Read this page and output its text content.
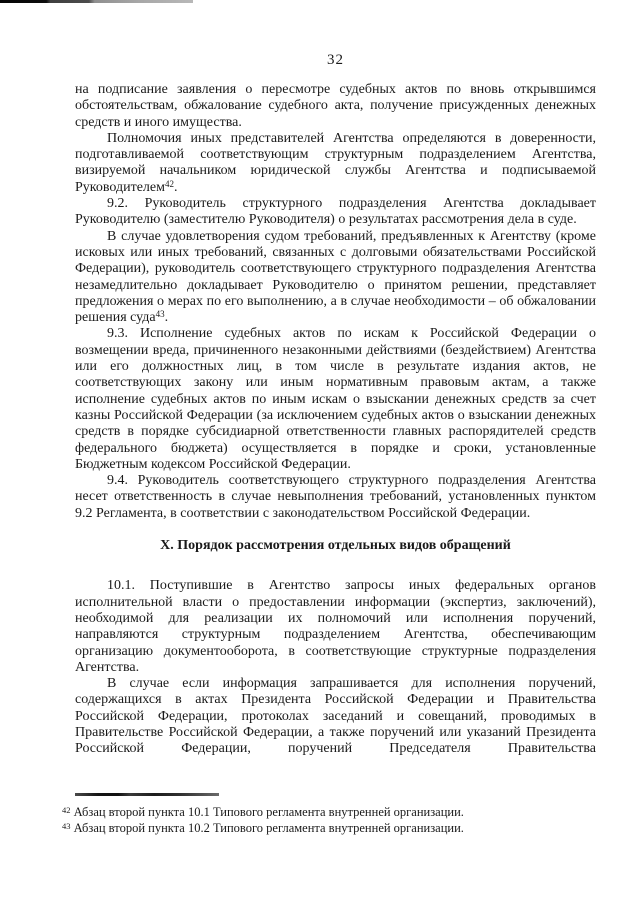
32

на подписание заявления о пересмотре судебных актов по вновь открывшимся обстоятельствам, обжалование судебного акта, получение присужденных денежных средств и иного имущества.

Полномочия иных представителей Агентства определяются в доверенности, подготавливаемой соответствующим структурным подразделением Агентства, визируемой начальником юридической службы Агентства и подписываемой Руководителем$^{42}$.

9.2. Руководитель структурного подразделения Агентства докладывает Руководителю (заместителю Руководителя) о результатах рассмотрения дела в суде.

В случае удовлетворения судом требований, предъявленных к Агентству (кроме исковых или иных требований, связанных с долговыми обязательствами Российской Федерации), руководитель соответствующего структурного подразделения Агентства незамедлительно докладывает Руководителю о принятом решении, представляет предложения о мерах по его выполнению, а в случае необходимости – об обжаловании решения суда$^{43}$.

9.3. Исполнение судебных актов по искам к Российской Федерации о возмещении вреда, причиненного незаконными действиями (бездействием) Агентства или его должностных лиц, в том числе в результате издания актов, не соответствующих закону или иным нормативным правовым актам, а также исполнение судебных актов по иным искам о взыскании денежных средств за счет казны Российской Федерации (за исключением судебных актов о взыскании денежных средств в порядке субсидиарной ответственности главных распорядителей средств федерального бюджета) осуществляется в порядке и сроки, установленные Бюджетным кодексом Российской Федерации.

9.4. Руководитель соответствующего структурного подразделения Агентства несет ответственность в случае невыполнения требований, установленных пунктом 9.2 Регламента, в соответствии с законодательством Российской Федерации.

X. Порядок рассмотрения отдельных видов обращений

10.1. Поступившие в Агентство запросы иных федеральных органов исполнительной власти о предоставлении информации (экспертиз, заключений), необходимой для реализации их полномочий или исполнения поручений, направляются структурным подразделением Агентства, обеспечивающим организацию документооборота, в соответствующие структурные подразделения Агентства.

В случае если информация запрашивается для исполнения поручений, содержащихся в актах Президента Российской Федерации и Правительства Российской Федерации, протоколах заседаний и совещаний, проводимых в Правительстве Российской Федерации, а также поручений или указаний Президента Российской Федерации, поручений Председателя Правительства

$^{42}$ Абзац второй пункта 10.1 Типового регламента внутренней организации.

$^{43}$ Абзац второй пункта 10.2 Типового регламента внутренней организации.
